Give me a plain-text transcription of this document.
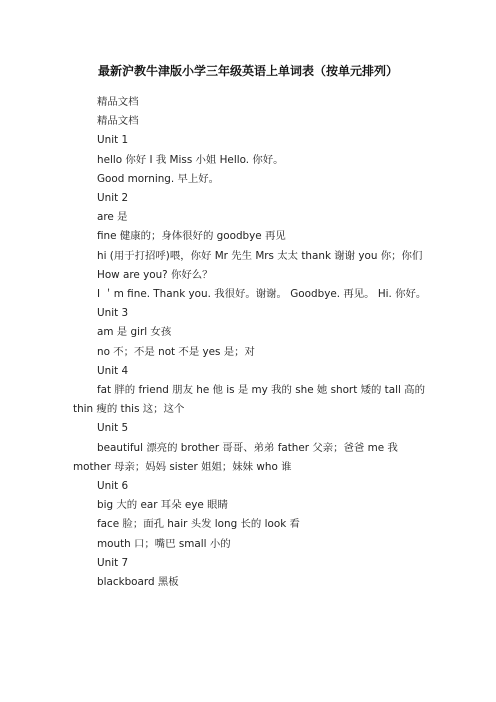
最新沪教牛津版小学三年级英语上单词表（按单元排列）

精品文档

精品文档

Unit 1

hello 你好 I 我 Miss 小姐 Hello. 你好。

Good morning. 早上好。

Unit 2

are 是

fine 健康的；身体很好的 goodbye 再见

hi (用于打招呼)喂，你好 Mr 先生 Mrs 太太 thank 谢谢 you 你；你们

How are you? 你好么？

I ＇m fine. Thank you. 我很好。谢谢。 Goodbye. 再见。 Hi. 你好。

Unit 3

am 是 girl 女孩

no 不；不是 not 不是 yes 是；对

Unit 4

fat 胖的 friend 朋友 he 他 is 是 my 我的 she 她 short 矮的 tall 高的 thin 瘦的 this 这；这个

Unit 5

beautiful 漂亮的 brother 哥哥、弟弟 father 父亲；爸爸 me 我 mother 母亲；妈妈 sister 姐姐；妹妹 who 谁

Unit 6

big 大的 ear 耳朵 eye 眼睛

face 脸；面孔 hair 头发 long 长的 look 看

mouth 口；嘴巴 small 小的

Unit 7

blackboard 黑板
